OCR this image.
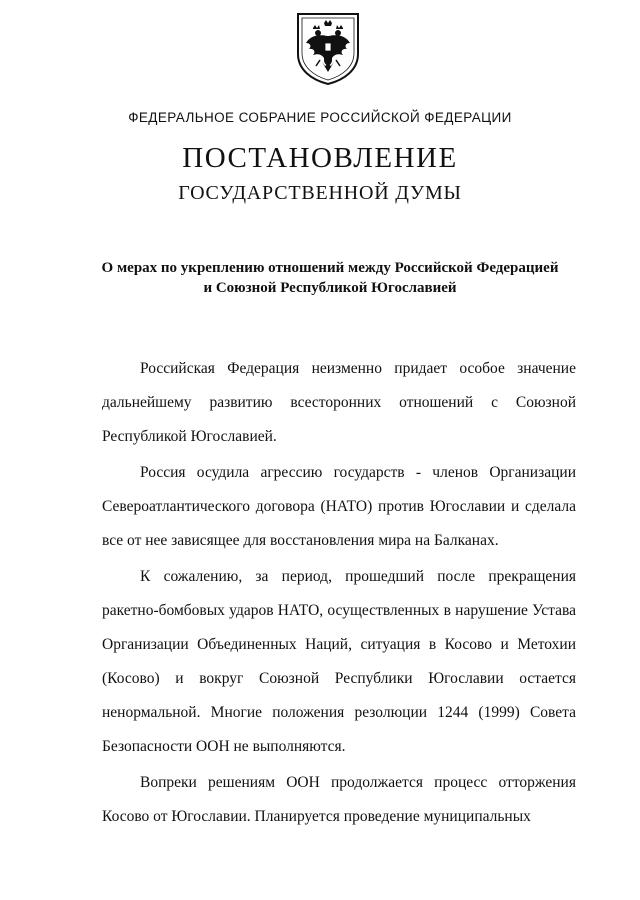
ФЕДЕРАЛЬНОЕ СОБРАНИЕ РОССИЙСКОЙ ФЕДЕРАЦИИ
ПОСТАНОВЛЕНИЕ
ГОСУДАРСТВЕННОЙ ДУМЫ
О мерах по укреплению отношений между Российской Федерацией
и Союзной Республикой Югославией

Российская Федерация неизменно придает особое значение дальнейшему развитию всесторонних отношений с Союзной Республикой Югославией.

Россия осудила агрессию государств - членов Организации Североатлантического договора (НАТО) против Югославии и сделала все от нее зависящее для восстановления мира на Балканах.

К сожалению, за период, прошедший после прекращения ракетно-бомбовых ударов НАТО, осуществленных в нарушение Устава Организации Объединенных Наций, ситуация в Косово и Метохии (Косово) и вокруг Союзной Республики Югославии остается ненормальной. Многие положения резолюции 1244 (1999) Совета Безопасности ООН не выполняются.

Вопреки решениям ООН продолжается процесс отторжения Косово от Югославии. Планируется проведение муниципальных
